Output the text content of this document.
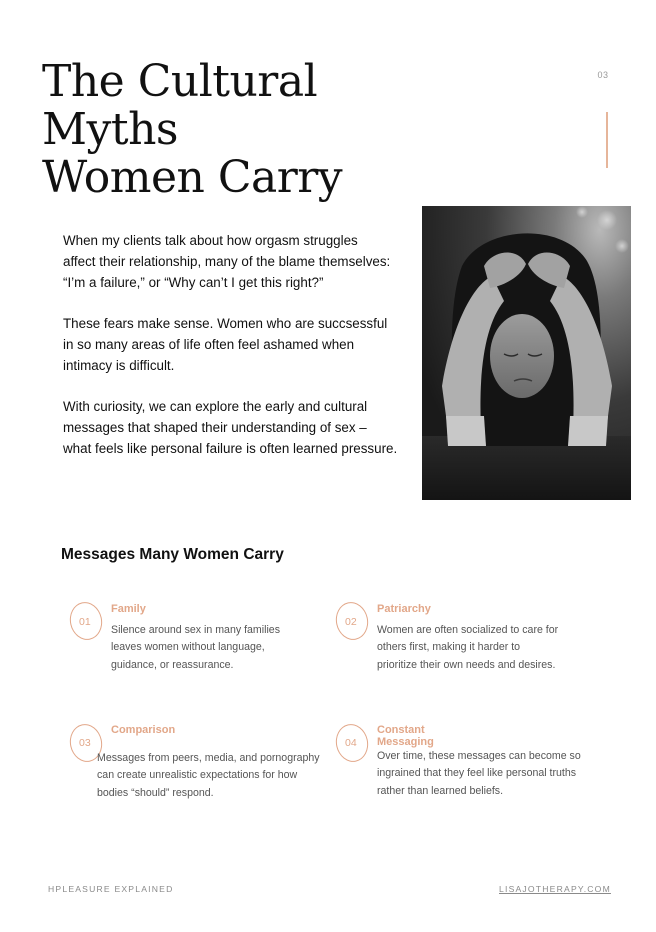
The Cultural Myths
Women Carry
03

When my clients talk about how orgasm struggles
affect their relationship, many of the blame themselves:
“I’m a failure,” or “Why can’t I get this right?”

These fears make sense. Women who are succsessful
in so many areas of life often feel ashamed when
intimacy is difficult.

With curiosity, we can explore the early and cultural
messages that shaped their understanding of sex –
what feels like personal failure is often learned pressure.

Messages Many Women Carry
01
Family
Silence around sex in many families
leaves women without language,
guidance, or reassurance.
02
Patriarchy
Women are often socialized to care for
others first, making it harder to
prioritize their own needs and desires.
03
Comparison
Messages from peers, media, and pornography
can create unrealistic expectations for how
bodies “should” respond.
04
Constant Messaging
Over time, these messages can become so
ingrained that they feel like personal truths
rather than learned beliefs.
HPLEASURE EXPLAINED	LISAJOTHERAPY.COM
